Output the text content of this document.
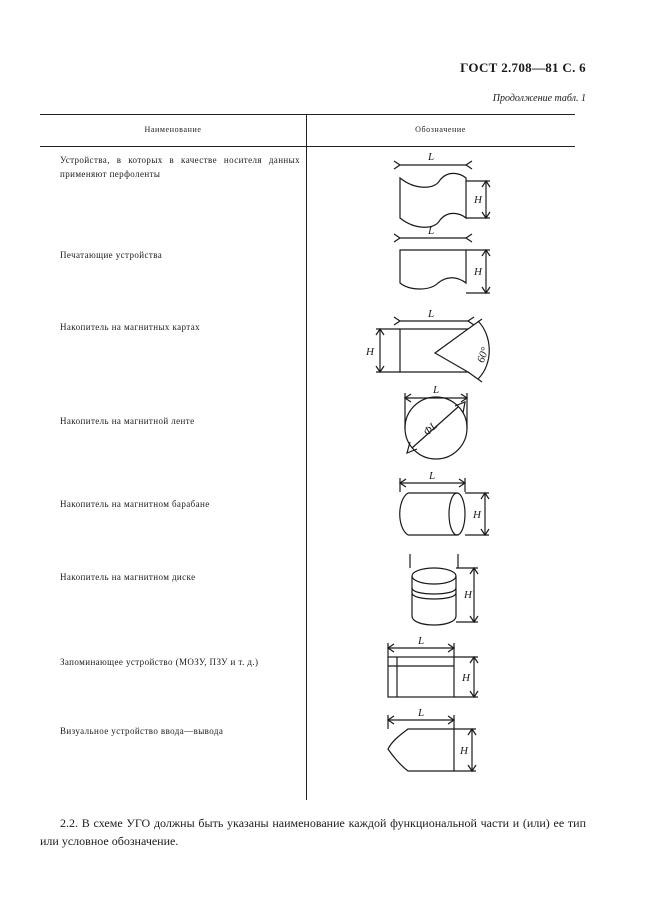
ГОСТ 2.708—81 С. 6
Продолжение табл. 1
Наименование	Обозначение
Устройства, в которых в качестве носителя данных применяют перфоленты
Печатающие устройства
Накопитель на магнитных картах
Накопитель на магнитной ленте
Накопитель на магнитном барабане
Накопитель на магнитном диске
Запоминающее устройство (МОЗУ, ПЗУ и т. д.)
Визуальное устройство ввода—вывода
L
H
L
H
L
H	60°
L
ΦL
L
H
H
L
H
L
H
2.2. В схеме УГО должны быть указаны наименование каждой функциональной части и (или) ее тип или условное обозначение.
